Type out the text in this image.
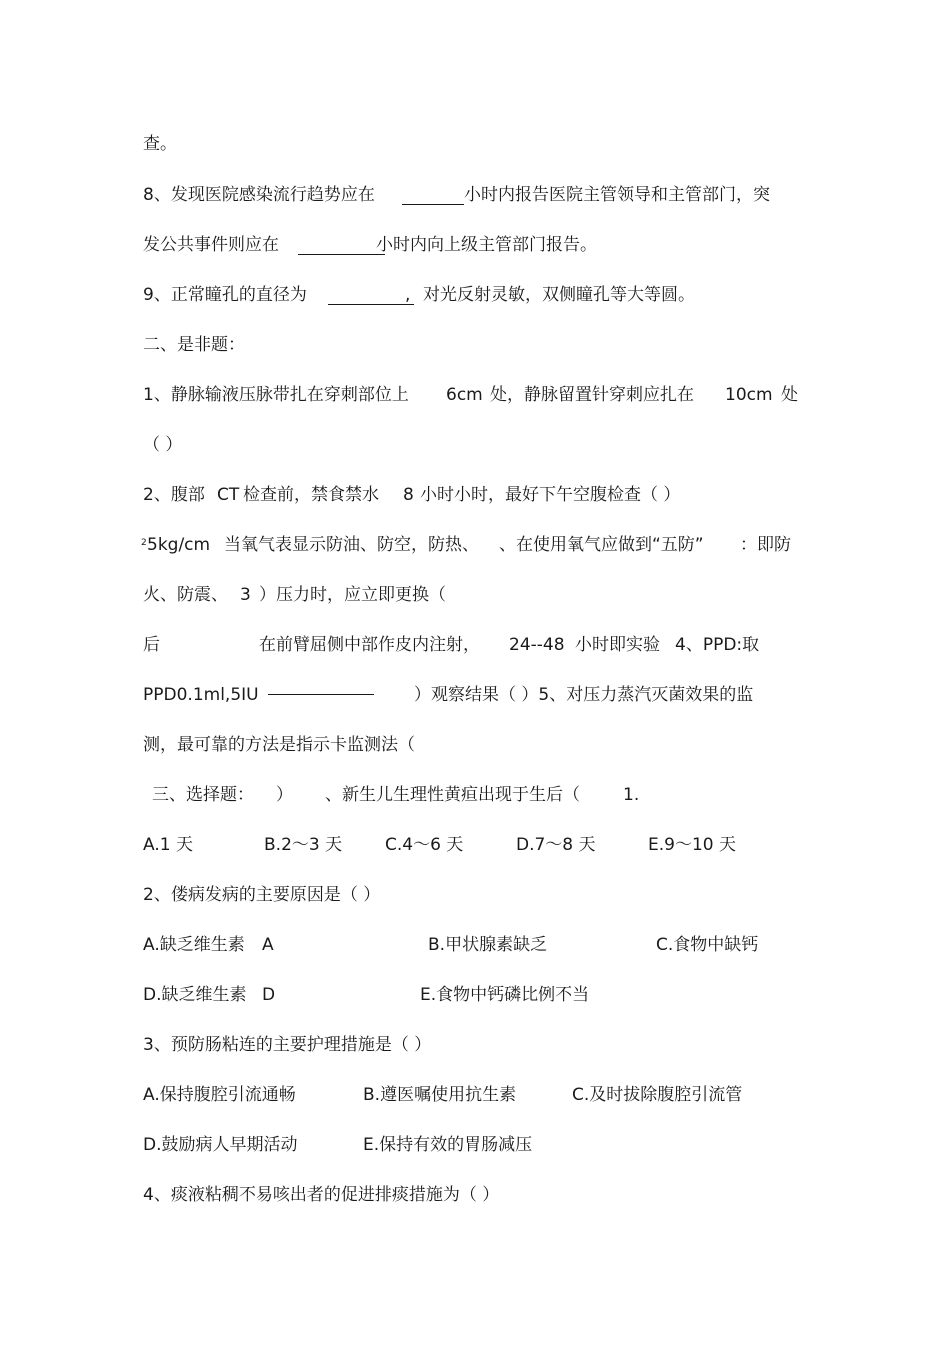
查。
8、发现医院感染流行趋势应在	小时内报告医院主管领导和主管部门，突
发公共事件则应在	小时内向上级主管部门报告。
9、正常瞳孔的直径为	, 对光反射灵敏，双侧瞳孔等大等圆。
二、是非题：
1、静脉输液压脉带扎在穿刺部位上 6cm 处，静脉留置针穿刺应扎在 10cm 处
（ ）
2、腹部 CT 检查前，禁食禁水 8 小时小时，最好下午空腹检查（ ）
2 5kg/cm 当氧气表显示防油、防空，防热、 、在使用氧气应做到“五防” ：即防
火、防震、 3 ）压力时，应立即更换（
后	在前臂屈侧中部作皮内注射， 24--48 小时即实验 4、PPD:取
PPD0.1ml,5IU	）观察结果（ ）5、对压力蒸汽灭菌效果的监
测，最可靠的方法是指示卡监测法（
三、选择题： ） 、新生儿生理性黄疸出现于生后（	1.
A.1 天	B.2～3 天	C.4～6 天	D.7～8 天	E.9～10 天
2、偻病发病的主要原因是（ ）
A.缺乏维生素 A	B.甲状腺素缺乏	C.食物中缺钙
D.缺乏维生素 D	E.食物中钙磷比例不当
3、预防肠粘连的主要护理措施是（ ）
A.保持腹腔引流通畅	B.遵医嘱使用抗生素	C.及时拔除腹腔引流管
D.鼓励病人早期活动	E.保持有效的胃肠减压
4、痰液粘稠不易咳出者的促进排痰措施为（ ）
